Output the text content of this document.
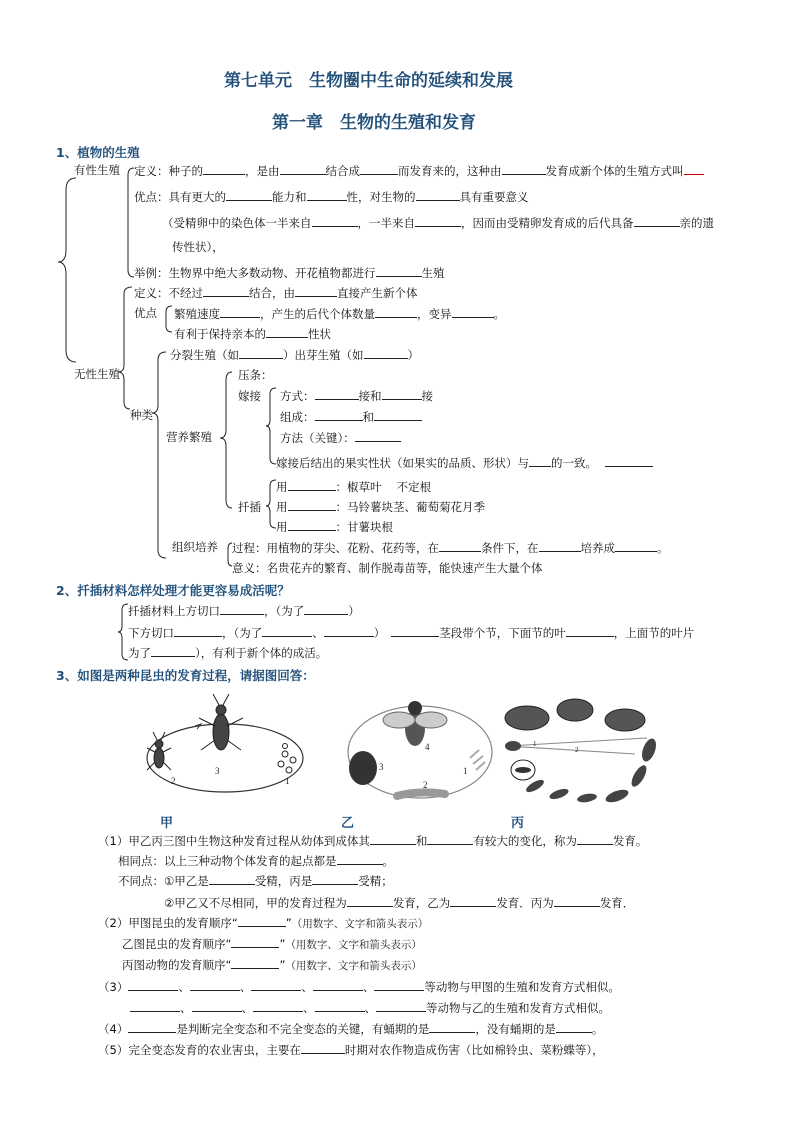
第七单元　生物圈中生命的延续和发展
第一章　生物的生殖和发育
1、植物的生殖
有性生殖 定义：种子的	，是由	结合成	而发育来的，这种由	发育成新个体的生殖方式叫
优点：具有更大的	能力和	性，对生物的	具有重要意义
（受精卵中的染色体一半来自	，一半来自	，因而由受精卵发育成的后代具备	亲的遗
传性状），
举例：生物界中绝大多数动物、开花植物都进行	生殖
定义：不经过	结合，由	直接产生新个体
优点 繁殖速度	，产生的后代个体数量	，变异	。
有利于保持亲本的	性状
无性生殖
分裂生殖（如	）出芽生殖（如	）
种类
压条：
嫁接 方式：	接和	接
组成：	和
方法（关键）：
营养繁殖
嫁接后结出的果实性状（如果实的品质、形状）与 的一致。
扦插
用	：椒草叶　 不定根
用	：马铃薯块茎、葡萄菊花月季
用	：甘薯块根
组织培养 过程：用植物的芽尖、花粉、花药等，在	条件下，在	培养成	。
意义：名贵花卉的繁育、制作脱毒苗等，能快速产生大量个体
2、扦插材料怎样处理才能更容易成活呢？
扦插材料上方切口	，（为了	）
下方切口	，（为了	、	）	茎段带个节，下面节的叶	，上面节的叶片
为了	），有利于新个体的成活。
3、如图是两种昆虫的发育过程，请据图回答：
2
3
1
4
3
2
1
1
2
甲	乙	丙
（1）甲乙丙三图中生物这种发育过程从幼体到成体其	和	有较大的变化，称为	发育。
相同点：以上三种动物个体发育的起点都是	。
不同点：①甲乙是	受精，丙是	受精；
②甲乙又不尽相同，甲的发育过程为	发育，乙为	发育．丙为	发育．
（2）甲图昆虫的发育顺序“	”（用数字、文字和箭头表示）
乙图昆虫的发育顺序“	”（用数字、文字和箭头表示）
丙图动物的发育顺序“	”（用数字、文字和箭头表示）
（3）	、	、	、	、	等动物与甲图的生殖和发育方式相似。
、	、	、	、	等动物与乙的生殖和发育方式相似。
（4）	是判断完全变态和不完全变态的关键，有蛹期的是	，没有蛹期的是	。
（5）完全变态发育的农业害虫，主要在	时期对农作物造成伤害（比如棉铃虫、菜粉蝶等），
